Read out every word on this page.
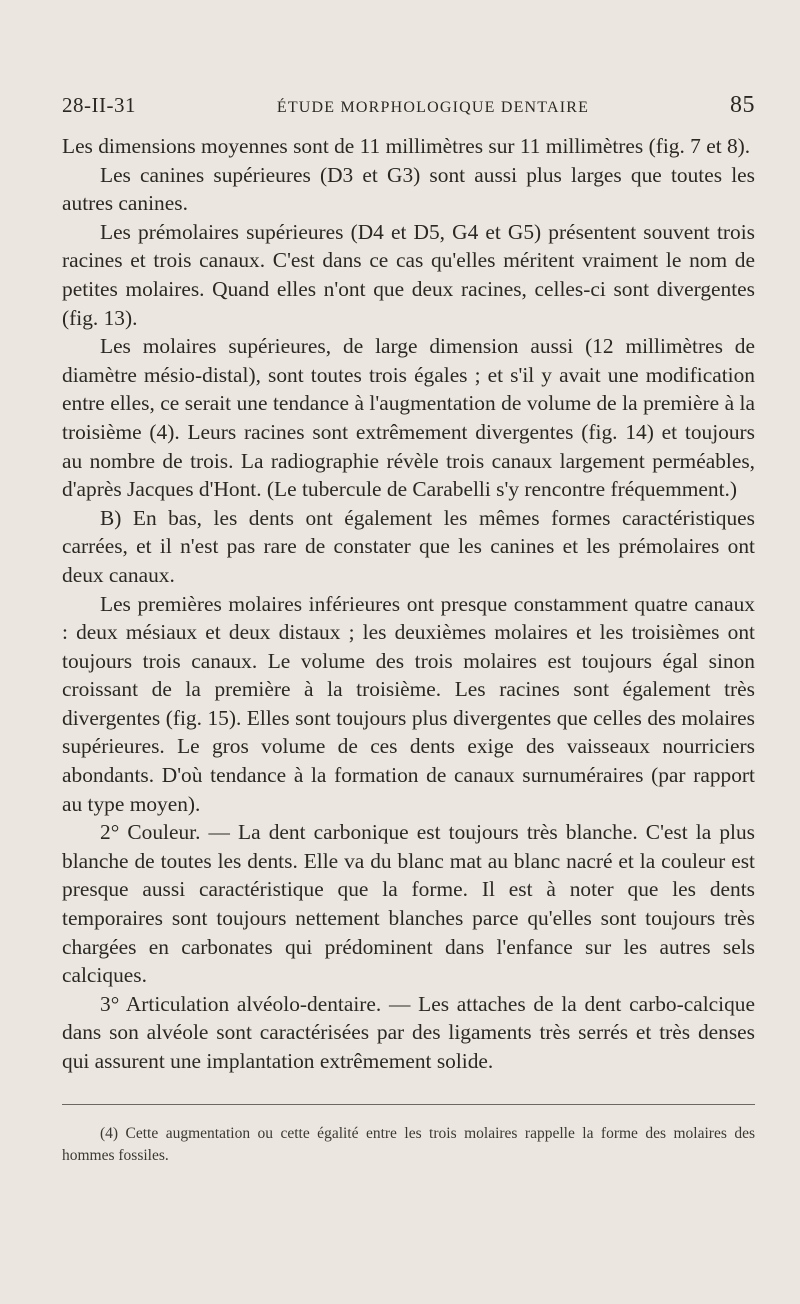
28-II-31	ÉTUDE MORPHOLOGIQUE DENTAIRE	85

Les dimensions moyennes sont de 11 millimètres sur 11 millimètres (fig. 7 et 8).

Les canines supérieures (D3 et G3) sont aussi plus larges que toutes les autres canines.

Les prémolaires supérieures (D4 et D5, G4 et G5) présentent souvent trois racines et trois canaux. C'est dans ce cas qu'elles méritent vraiment le nom de petites molaires. Quand elles n'ont que deux racines, celles-ci sont divergentes (fig. 13).

Les molaires supérieures, de large dimension aussi (12 millimètres de diamètre mésio-distal), sont toutes trois égales ; et s'il y avait une modification entre elles, ce serait une tendance à l'augmentation de volume de la première à la troisième (4). Leurs racines sont extrêmement divergentes (fig. 14) et toujours au nombre de trois. La radiographie révèle trois canaux largement perméables, d'après Jacques d'Hont. (Le tubercule de Carabelli s'y rencontre fréquemment.)

B) En bas, les dents ont également les mêmes formes caractéristiques carrées, et il n'est pas rare de constater que les canines et les prémolaires ont deux canaux.

Les premières molaires inférieures ont presque constamment quatre canaux : deux mésiaux et deux distaux ; les deuxièmes molaires et les troisièmes ont toujours trois canaux. Le volume des trois molaires est toujours égal sinon croissant de la première à la troisième. Les racines sont également très divergentes (fig. 15). Elles sont toujours plus divergentes que celles des molaires supérieures. Le gros volume de ces dents exige des vaisseaux nourriciers abondants. D'où tendance à la formation de canaux surnuméraires (par rapport au type moyen).

2° Couleur. — La dent carbonique est toujours très blanche. C'est la plus blanche de toutes les dents. Elle va du blanc mat au blanc nacré et la couleur est presque aussi caractéristique que la forme. Il est à noter que les dents temporaires sont toujours nettement blanches parce qu'elles sont toujours très chargées en carbonates qui prédominent dans l'enfance sur les autres sels calciques.

3° Articulation alvéolo-dentaire. — Les attaches de la dent carbo-calcique dans son alvéole sont caractérisées par des ligaments très serrés et très denses qui assurent une implantation extrêmement solide.

(4) Cette augmentation ou cette égalité entre les trois molaires rappelle la forme des molaires des hommes fossiles.
